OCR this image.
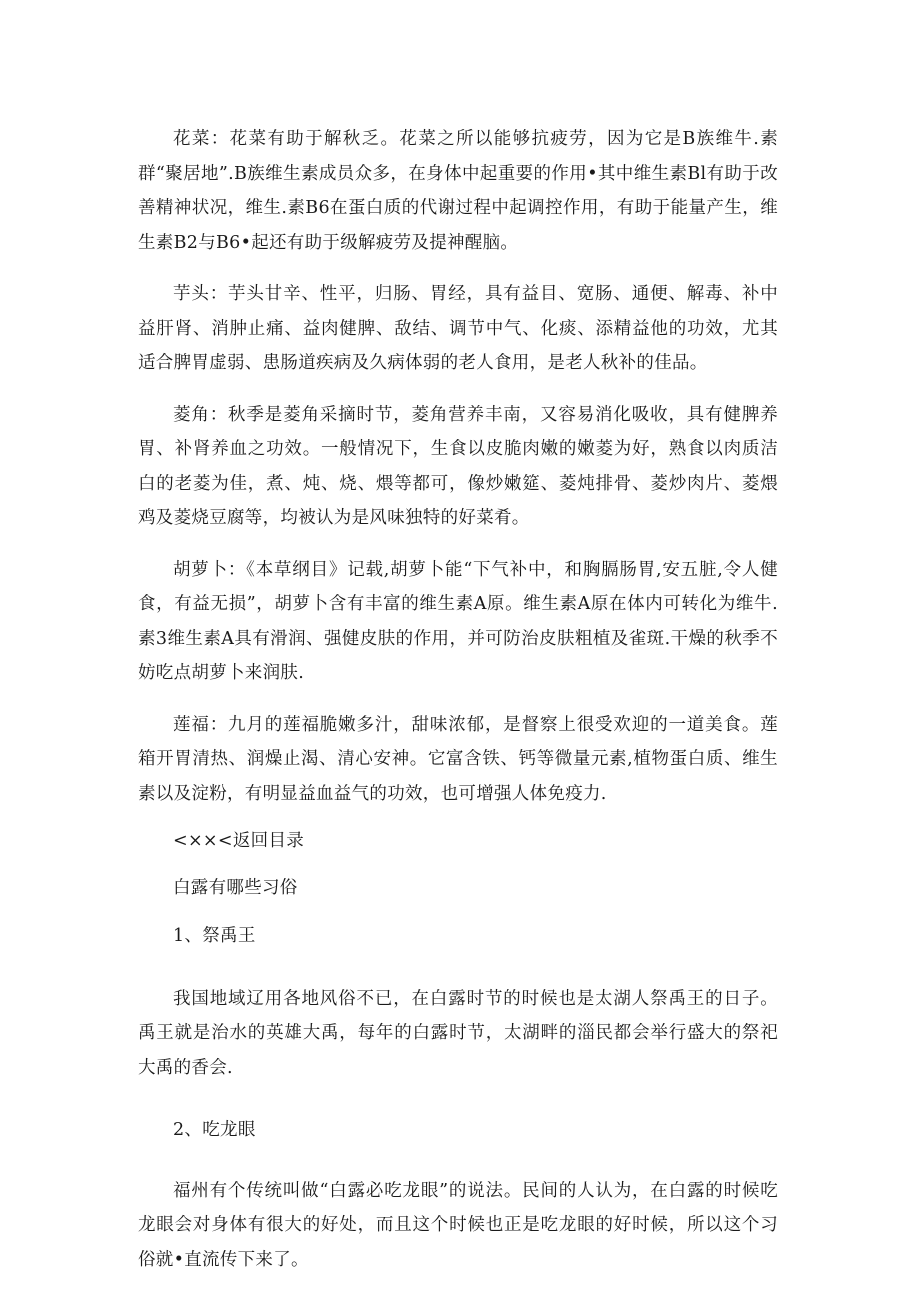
花菜：花菜有助于解秋乏。花菜之所以能够抗疲劳，因为它是B族维牛.素群“聚居地”.B族维生素成员众多，在身体中起重要的作用•其中维生素Bl有助于改善精神状况，维生.素B6在蛋白质的代谢过程中起调控作用，有助于能量产生，维生素B2与B6•起还有助于级解疲劳及提神醒脑。

芋头：芋头甘辛、性平，归肠、胃经，具有益目、宽肠、通便、解毒、补中益肝肾、消肿止痛、益肉健脾、敌结、调节中气、化痰、添精益他的功效，尤其适合脾胃虚弱、患肠道疾病及久病体弱的老人食用，是老人秋补的佳品。

菱角：秋季是菱角采摘时节，菱角营养丰南，又容易消化吸收，具有健脾养胃、补肾养血之功效。一般情况下，生食以皮脆肉嫩的嫩菱为好，熟食以肉质洁白的老菱为佳，煮、炖、烧、煨等都可，像炒嫩筵、菱炖排骨、菱炒肉片、菱煨鸡及菱烧豆腐等，均被认为是风味独特的好菜肴。

胡萝卜：《本草纲目》记载,胡萝卜能“下气补中，和胸膈肠胃,安五脏,令人健食，有益无损”，胡萝卜含有丰富的维生素A原。维生素A原在体内可转化为维牛.素3维生素A具有滑润、强健皮肤的作用，并可防治皮肤粗植及雀斑.干燥的秋季不妨吃点胡萝卜来润肤.

莲福：九月的莲福脆嫩多汁，甜味浓郁，是督察上很受欢迎的一道美食。莲箱开胃清热、润燥止渴、清心安神。它富含铁、钙等微量元素,植物蛋白质、维生素以及淀粉，有明显益血益气的功效，也可增强人体免疫力.

<××<返回目录
白露有哪些习俗
1、祭禹王

我国地域辽用各地风俗不已，在白露时节的时候也是太湖人祭禹王的日子。禹王就是治水的英雄大禹，每年的白露时节，太湖畔的淄民都会举行盛大的祭祀大禹的香会.

2、吃龙眼

福州有个传统叫做“白露必吃龙眼”的说法。民间的人认为，在白露的时候吃龙眼会对身体有很大的好处，而且这个时候也正是吃龙眼的好时候，所以这个习俗就•直流传下来了。
